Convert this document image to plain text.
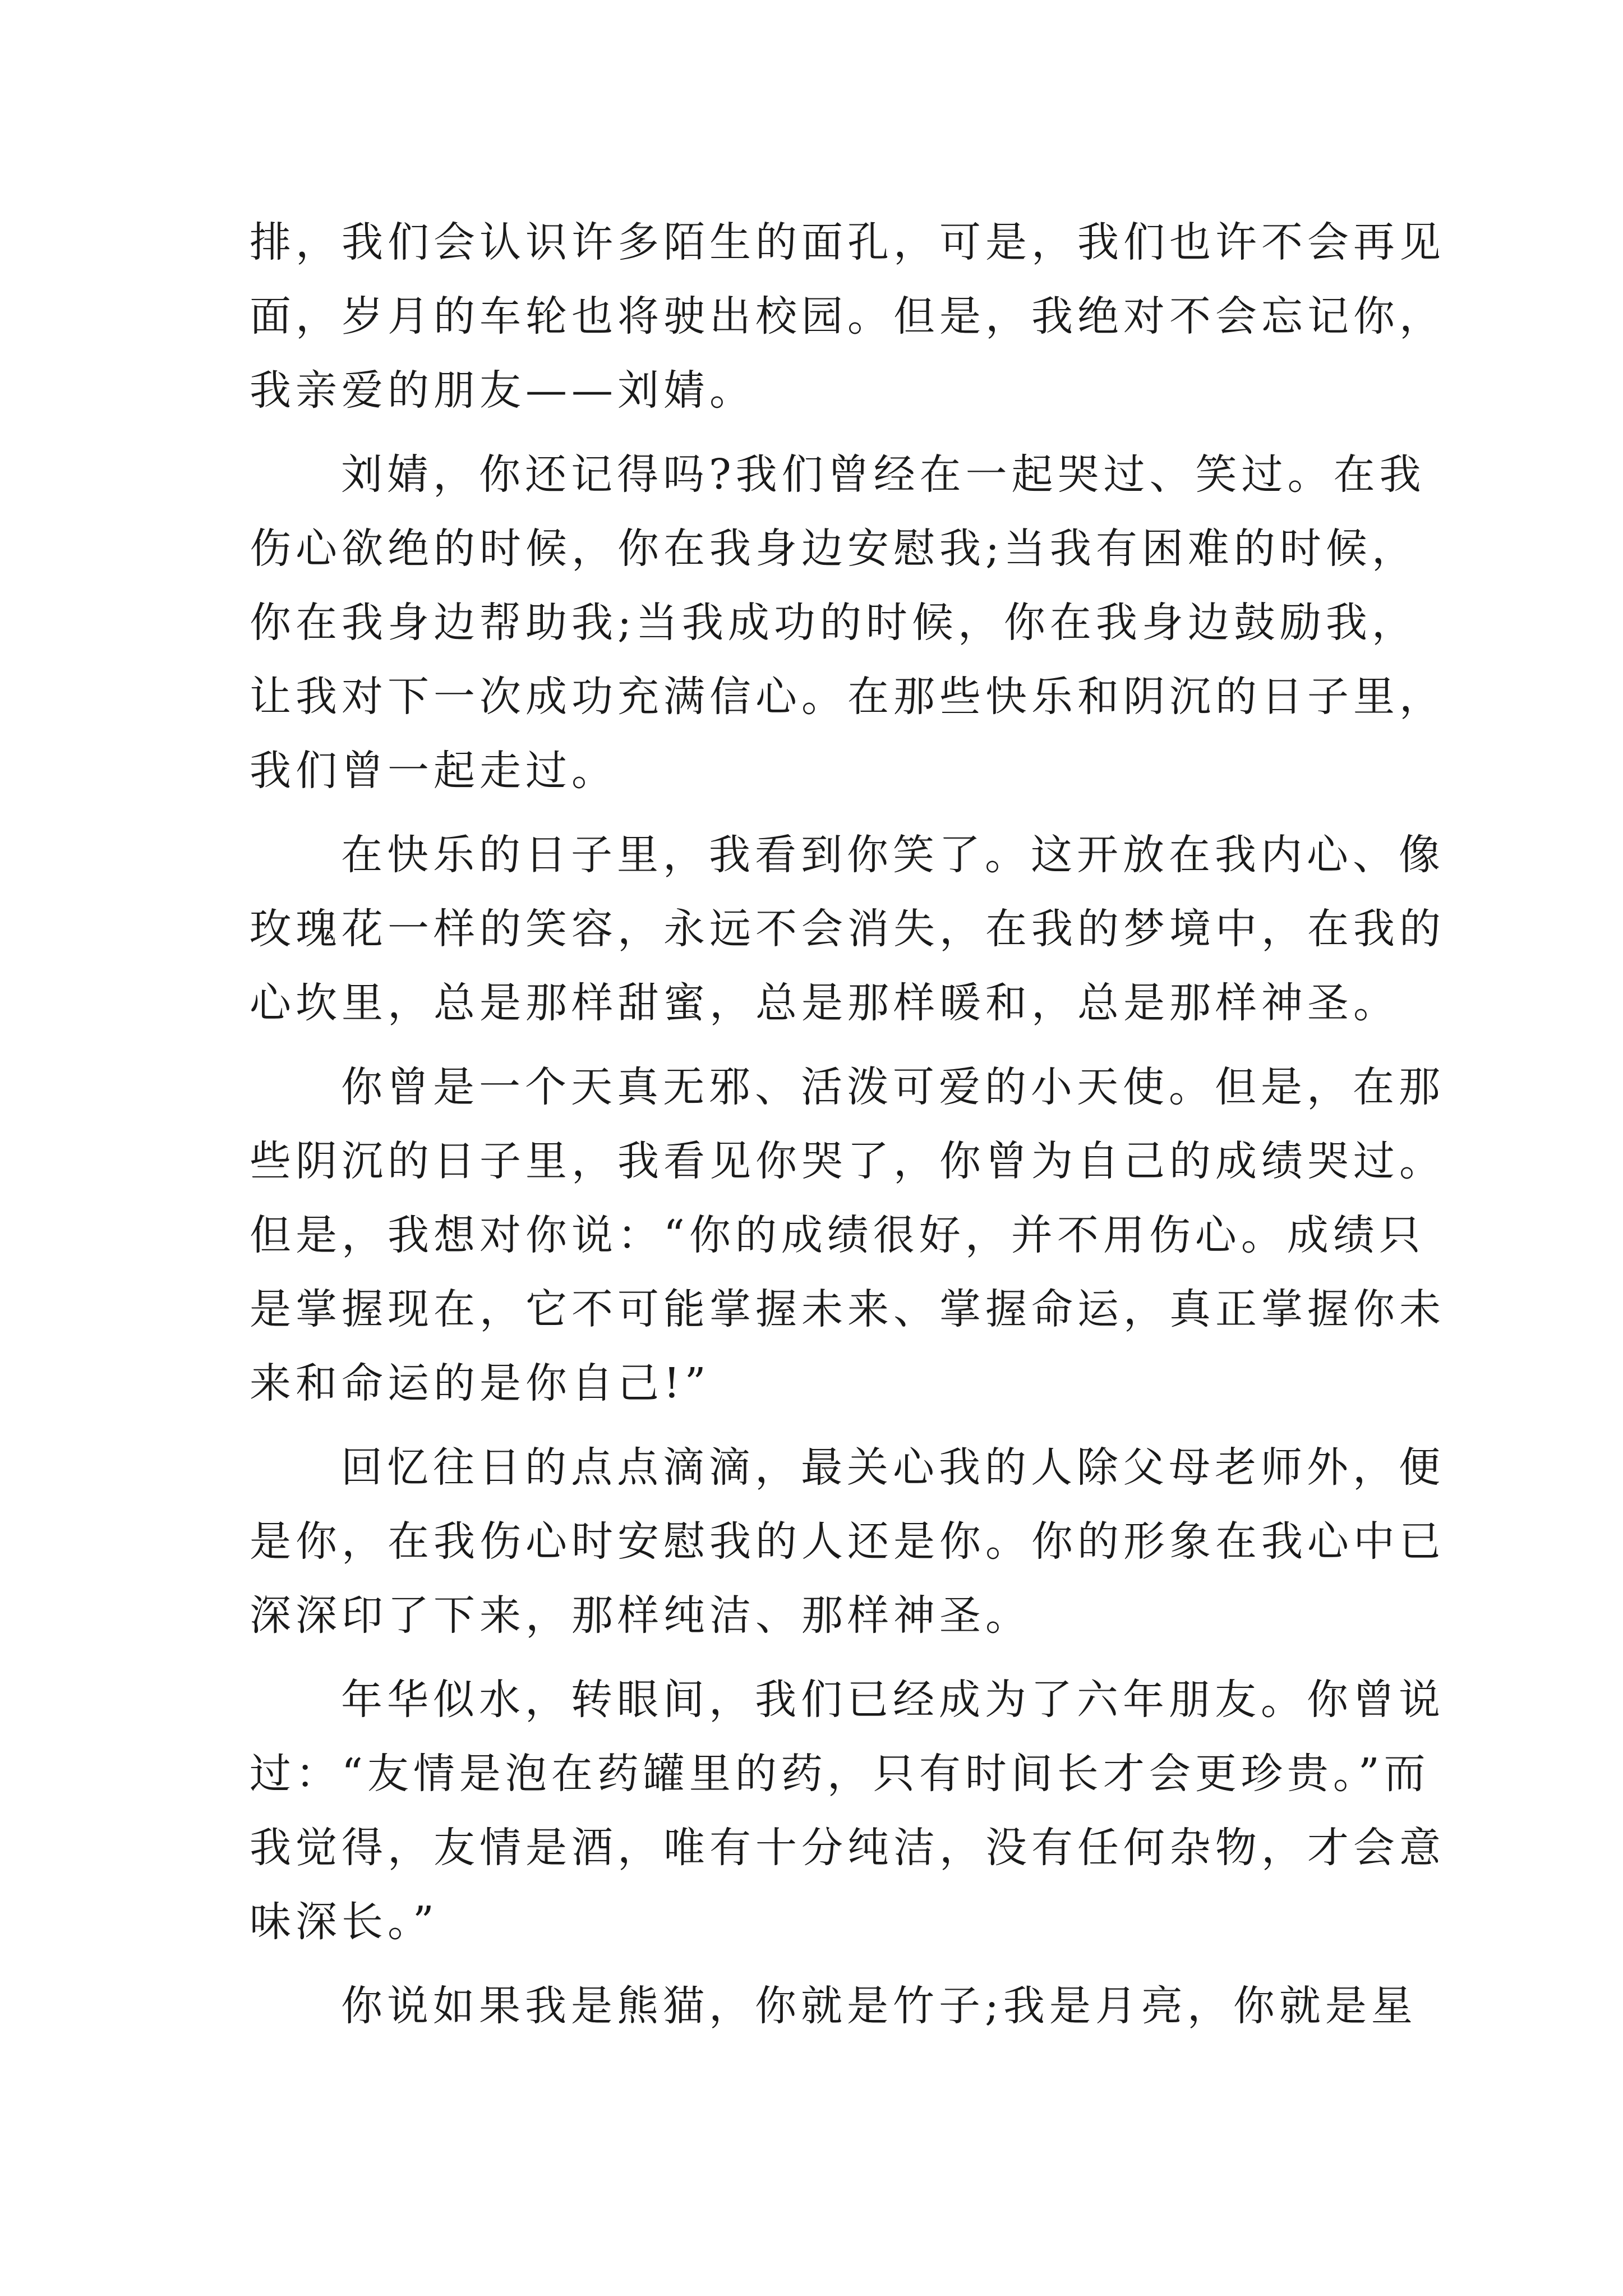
排，我们会认识许多陌生的面孔，可是，我们也许不会再见
面，岁月的车轮也将驶出校园。但是，我绝对不会忘记你，
我亲爱的朋友——刘婧。
刘婧，你还记得吗?我们曾经在一起哭过、笑过。在我
伤心欲绝的时候，你在我身边安慰我;当我有困难的时候，
你在我身边帮助我;当我成功的时候，你在我身边鼓励我，
让我对下一次成功充满信心。在那些快乐和阴沉的日子里，
我们曾一起走过。
在快乐的日子里，我看到你笑了。这开放在我内心、像
玫瑰花一样的笑容，永远不会消失，在我的梦境中，在我的
心坎里，总是那样甜蜜，总是那样暖和，总是那样神圣。
你曾是一个天真无邪、活泼可爱的小天使。但是，在那
些阴沉的日子里，我看见你哭了，你曾为自己的成绩哭过。
但是，我想对你说：“你的成绩很好，并不用伤心。成绩只
是掌握现在，它不可能掌握未来、掌握命运，真正掌握你未
来和命运的是你自己!”
回忆往日的点点滴滴，最关心我的人除父母老师外，便
是你，在我伤心时安慰我的人还是你。你的形象在我心中已
深深印了下来，那样纯洁、那样神圣。
年华似水，转眼间，我们已经成为了六年朋友。你曾说
过：“友情是泡在药罐里的药，只有时间长才会更珍贵。”而
我觉得，友情是酒，唯有十分纯洁，没有任何杂物，才会意
味深长。”
你说如果我是熊猫，你就是竹子;我是月亮，你就是星
